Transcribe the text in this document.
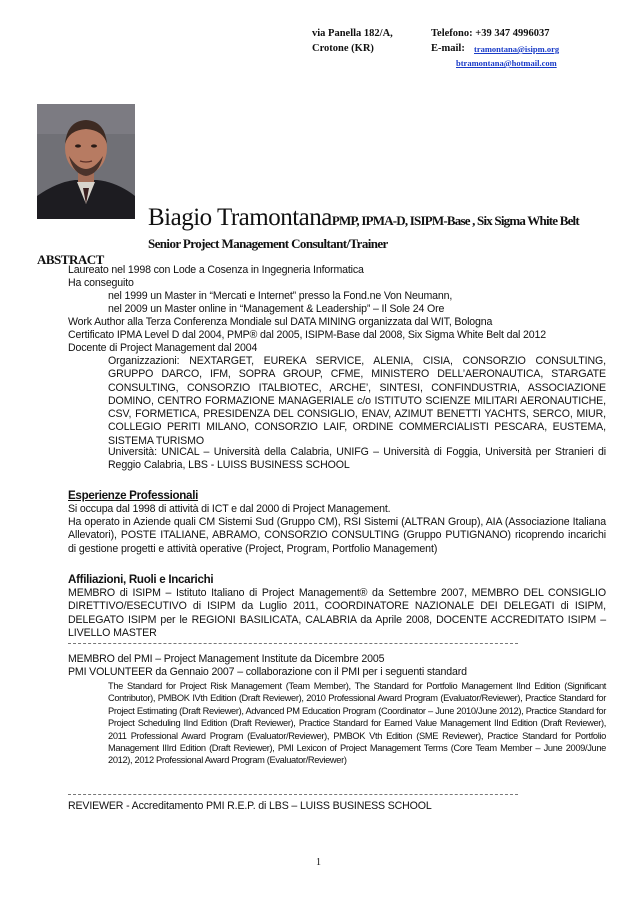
via Panella 182/A,
Crotone (KR)
Telefono: +39 347 4996037
E-mail: tramontana@isipm.org
btramontana@hotmail.com
Biagio TramontanaPMP, IPMA-D, ISIPM-Base , Six Sigma White Belt
Senior Project Management Consultant/Trainer
ABSTRACT
Laureato nel 1998 con Lode a Cosenza in Ingegneria Informatica
Ha conseguito
nel 1999 un Master in “Mercati e Internet” presso la Fond.ne Von Neumann,
nel 2009 un Master online in “Management & Leadership” – Il Sole 24 Ore
Work Author alla Terza Conferenza Mondiale sul DATA MINING organizzata dal WIT, Bologna
Certificato IPMA Level D dal 2004, PMP® dal 2005, ISIPM-Base dal 2008, Six Sigma White Belt dal 2012
Docente di Project Management dal 2004
Organizzazioni: NEXTARGET, EUREKA SERVICE, ALENIA, CISIA, CONSORZIO CONSULTING, GRUPPO DARCO, IFM, SOPRA GROUP, CFME, MINISTERO DELL’AERONAUTICA, STARGATE CONSULTING, CONSORZIO ITALBIOTEC, ARCHE’, SINTESI, CONFINDUSTRIA, ASSOCIAZIONE DOMINO, CENTRO FORMAZIONE MANAGERIALE c/o ISTITUTO SCIENZE MILITARI AERONAUTICHE, CSV, FORMETICA, PRESIDENZA DEL CONSIGLIO, ENAV, AZIMUT BENETTI YACHTS, SERCO, MIUR, COLLEGIO PERITI MILANO, CONSORZIO LAIF, ORDINE COMMERCIALISTI PESCARA, EUSTEMA, SISTEMA TURISMO
Università: UNICAL – Università della Calabria, UNIFG – Università di Foggia, Università per Stranieri di Reggio Calabria, LBS - LUISS BUSINESS SCHOOL
Esperienze Professionali
Si occupa dal 1998 di attività di ICT e dal 2000 di Project Management.
Ha operato in Aziende quali CM Sistemi Sud (Gruppo CM), RSI Sistemi (ALTRAN Group), AIA (Associazione Italiana Allevatori), POSTE ITALIANE, ABRAMO, CONSORZIO CONSULTING (Gruppo PUTIGNANO) ricoprendo incarichi di gestione progetti e attività operative (Project, Program, Portfolio Management)
Affiliazioni, Ruoli e Incarichi
MEMBRO di ISIPM – Istituto Italiano di Project Management® da Settembre 2007, MEMBRO DEL CONSIGLIO DIRETTIVO/ESECUTIVO di ISIPM da Luglio 2011, COORDINATORE NAZIONALE DEI DELEGATI di ISIPM, DELEGATO ISIPM per le REGIONI BASILICATA, CALABRIA da Aprile 2008, DOCENTE ACCREDITATO ISIPM – LIVELLO MASTER
MEMBRO del PMI – Project Management Institute da Dicembre 2005
PMI VOLUNTEER da Gennaio 2007 – collaborazione con il PMI per i seguenti standard
The Standard for Project Risk Management (Team Member), The Standard for Portfolio Management IInd Edition (Significant Contributor), PMBOK IVth Edition (Draft Reviewer), 2010 Professional Award Program (Evaluator/Reviewer), Practice Standard for Project Estimating (Draft Reviewer), Advanced PM Education Program (Coordinator – June 2010/June 2012), Practice Standard for Project Scheduling IInd Edition (Draft Reviewer), Practice Standard for Earned Value Management IInd Edition (Draft Reviewer), 2011 Professional Award Program (Evaluator/Reviewer), PMBOK Vth Edition (SME Reviewer), Practice Standard for Portfolio Management IIIrd Edition (Draft Reviewer), PMI Lexicon of Project Management Terms (Core Team Member – June 2009/June 2012), 2012 Professional Award Program (Evaluator/Reviewer)
REVIEWER - Accreditamento PMI R.E.P. di LBS – LUISS BUSINESS SCHOOL
1
